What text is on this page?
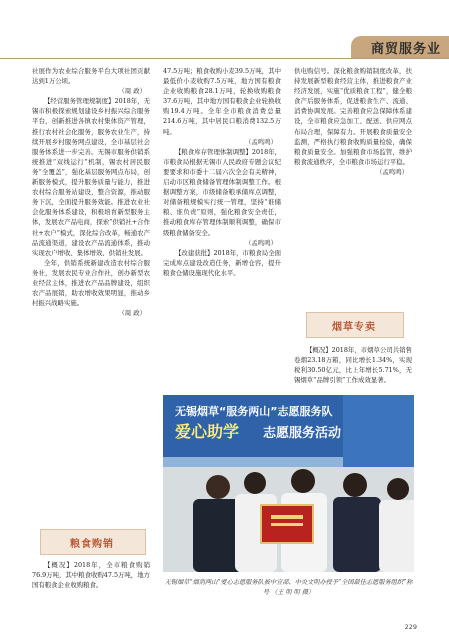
商贸服务业

社展作为农业综合服务平台大项社团贡献达到1万公顷。

（周 政）

【经营服务管理规制度】2018年，无锡市积极探索规划建设乡村振兴综合服务平台，创新推进各镇农村集体资产管理，推行农村社会化服务，服务农业生产，持续开展乡村服务网点建设，全市基层社会服务体系进一步完善。无锡市服务供销系统推进“双线运行”机制，锡农村居民服务“全覆盖”，强化基层服务网点布局，创新服务模式，提升服务质量与能力，推进农村综合服务站建设，整合资源，推动服务下沉，全面提升服务效能。推进农业社会化服务体系建设，积极培育新型服务主体，发展农产品电商，探索“供销社+合作社+农户”模式，深化综合改革，畅通农产品流通渠道，建设农产品流通体系，推动实现农户增收、集体增效、供销社发展。

全年，供销系统新建改造农村综合服务社，发展农民专业合作社，创办新型农业经营主体，推进农产品品牌建设，组织农产品展销，助农增收效果明显，推动乡村振兴战略实施。

（周 政）

粮食购销

【概况】2018年，全市粮食购销76.9万吨，其中粮食收购47.5万吨，地方国有粮食企业收购粮食。

47.5万吨；粮食收购小麦39.5万吨，其中最低价小麦收购7.5万吨，地方国有粮食企业收购粮食28.1万吨，轮换收购粮食37.6万吨，其中地方国有粮食企业轮换收购19.4万吨。全年全市粮食消费总量214.6万吨，其中居民口粮消费132.5万吨。

（孟鸣鸣）

【粮食库存管理体制调整】2018年，市粮食局根据无锡市人民政府专题会议纪要要求和市委十二届六次全会有关精神，启动市区粮食储备管理体制调整工作。根据调整方案，市级储备粮承储库点调整，对储备粮规模实行统一管理，坚持“谁储粮、谁负责”原则，强化粮食安全责任，推动粮食库存管理体制顺利调整，确保市级粮食储备安全。

（孟鸣鸣）

【改建获批】2018年，市粮食局全面完成库点建设改造任务，新增仓容，提升粮食仓储设施现代化水平。

供电购信号。深化粮食购销制度改革，扶持发展新型粮食经营主体，推进粮食产业经济发展，实施“优质粮食工程”，健全粮食产后服务体系，促进粮食生产、流通、消费协调发展。完善粮食应急保障体系建设，全市粮食应急加工、配送、供应网点布局合理，保障有力。开展粮食质量安全监测，严格执行粮食收购质量检验，确保粮食质量安全。加强粮食市场监管，维护粮食流通秩序，全市粮食市场运行平稳。

（孟鸣鸣）

烟草专卖

【概况】2018年，市烟草公司共销售卷烟23.18万箱，同比增长1.34%，实现税利30.50亿元，比上年增长5.71%，无锡烟草“品牌引领”工作成效显著。

无锡烟草“服务两山”志愿服务队
爱心助学 志愿服务活动
无锡烟草“烟消两山”爱心志愿服务队被中宣部、中央文明办授予“全国最佳志愿服务组织”称号 （王 明 明 摄）
229
